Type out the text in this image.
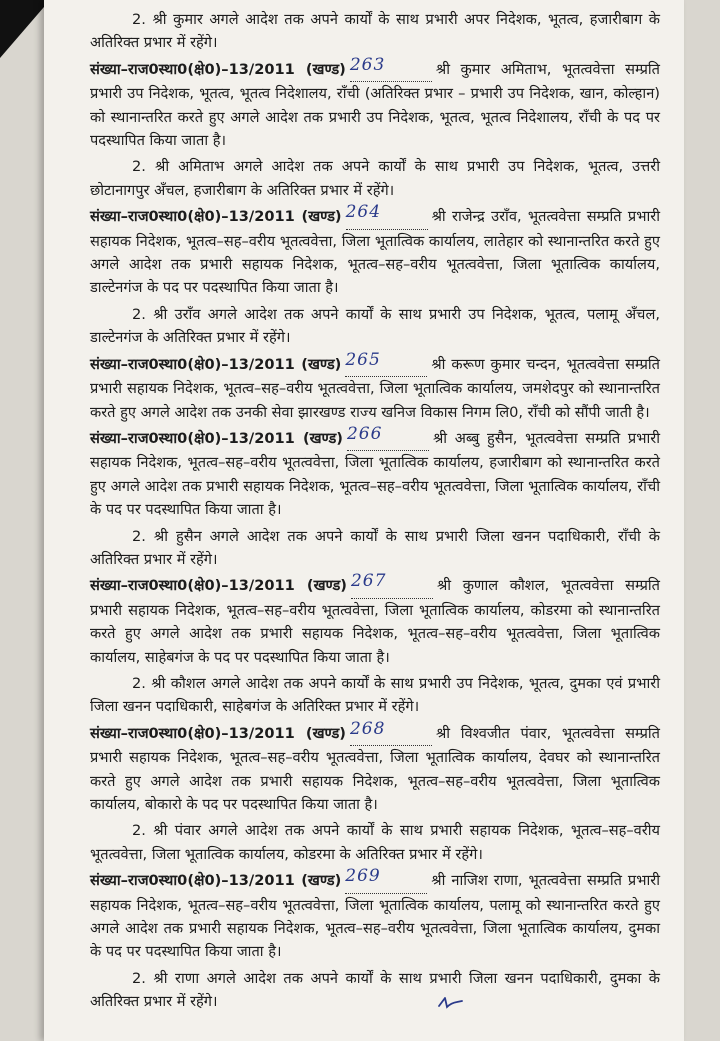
2. श्री कुमार अगले आदेश तक अपने कार्यों के साथ प्रभारी अपर निदेशक, भूतत्व, हजारीबाग के अतिरिक्त प्रभार में रहेंगे।

संख्या–राज0स्था0(क्षे0)–13/2011 (खण्ड) 263	श्री कुमार अमिताभ, भूतत्ववेत्ता सम्प्रति प्रभारी उप निदेशक, भूतत्व, भूतत्व निदेशालय, राँची (अतिरिक्त प्रभार – प्रभारी उप निदेशक, खान, कोल्हान) को स्थानान्तरित करते हुए अगले आदेश तक प्रभारी उप निदेशक, भूतत्व, भूतत्व निदेशालय, राँची के पद पर पदस्थापित किया जाता है।

2. श्री अमिताभ अगले आदेश तक अपने कार्यों के साथ प्रभारी उप निदेशक, भूतत्व, उत्तरी छोटानागपुर अँचल, हजारीबाग के अतिरिक्त प्रभार में रहेंगे।

संख्या–राज0स्था0(क्षे0)–13/2011 (खण्ड) 264	श्री राजेन्द्र उराँव, भूतत्ववेत्ता सम्प्रति प्रभारी सहायक निदेशक, भूतत्व–सह–वरीय भूतत्ववेत्ता, जिला भूतात्विक कार्यालय, लातेहार को स्थानान्तरित करते हुए अगले आदेश तक प्रभारी सहायक निदेशक, भूतत्व–सह–वरीय भूतत्ववेत्ता, जिला भूतात्विक कार्यालय, डाल्टेनगंज के पद पर पदस्थापित किया जाता है।

2. श्री उराँव अगले आदेश तक अपने कार्यों के साथ प्रभारी उप निदेशक, भूतत्व, पलामू अँचल, डाल्टेनगंज के अतिरिक्त प्रभार में रहेंगे।

संख्या–राज0स्था0(क्षे0)–13/2011 (खण्ड) 265	श्री करूण कुमार चन्दन, भूतत्ववेत्ता सम्प्रति प्रभारी सहायक निदेशक, भूतत्व–सह–वरीय भूतत्ववेत्ता, जिला भूतात्विक कार्यालय, जमशेदपुर को स्थानान्तरित करते हुए अगले आदेश तक उनकी सेवा झारखण्ड राज्य खनिज विकास निगम लि0, राँची को सौंपी जाती है।

संख्या–राज0स्था0(क्षे0)–13/2011 (खण्ड) 266	श्री अब्बु हुसैन, भूतत्ववेत्ता सम्प्रति प्रभारी सहायक निदेशक, भूतत्व–सह–वरीय भूतत्ववेत्ता, जिला भूतात्विक कार्यालय, हजारीबाग को स्थानान्तरित करते हुए अगले आदेश तक प्रभारी सहायक निदेशक, भूतत्व–सह–वरीय भूतत्ववेत्ता, जिला भूतात्विक कार्यालय, राँची के पद पर पदस्थापित किया जाता है।

2. श्री हुसैन अगले आदेश तक अपने कार्यों के साथ प्रभारी जिला खनन पदाधिकारी, राँची के अतिरिक्त प्रभार में रहेंगे।

संख्या–राज0स्था0(क्षे0)–13/2011 (खण्ड) 267	श्री कुणाल कौशल, भूतत्ववेत्ता सम्प्रति प्रभारी सहायक निदेशक, भूतत्व–सह–वरीय भूतत्ववेत्ता, जिला भूतात्विक कार्यालय, कोडरमा को स्थानान्तरित करते हुए अगले आदेश तक प्रभारी सहायक निदेशक, भूतत्व–सह–वरीय भूतत्ववेत्ता, जिला भूतात्विक कार्यालय, साहेबगंज के पद पर पदस्थापित किया जाता है।

2. श्री कौशल अगले आदेश तक अपने कार्यों के साथ प्रभारी उप निदेशक, भूतत्व, दुमका एवं प्रभारी जिला खनन पदाधिकारी, साहेबगंज के अतिरिक्त प्रभार में रहेंगे।

संख्या–राज0स्था0(क्षे0)–13/2011 (खण्ड) 268	श्री विश्वजीत पंवार, भूतत्ववेत्ता सम्प्रति प्रभारी सहायक निदेशक, भूतत्व–सह–वरीय भूतत्ववेत्ता, जिला भूतात्विक कार्यालय, देवघर को स्थानान्तरित करते हुए अगले आदेश तक प्रभारी सहायक निदेशक, भूतत्व–सह–वरीय भूतत्ववेत्ता, जिला भूतात्विक कार्यालय, बोकारो के पद पर पदस्थापित किया जाता है।

2. श्री पंवार अगले आदेश तक अपने कार्यों के साथ प्रभारी सहायक निदेशक, भूतत्व–सह–वरीय भूतत्ववेत्ता, जिला भूतात्विक कार्यालय, कोडरमा के अतिरिक्त प्रभार में रहेंगे।

संख्या–राज0स्था0(क्षे0)–13/2011 (खण्ड) 269	श्री नाजिश राणा, भूतत्ववेत्ता सम्प्रति प्रभारी सहायक निदेशक, भूतत्व–सह–वरीय भूतत्ववेत्ता, जिला भूतात्विक कार्यालय, पलामू को स्थानान्तरित करते हुए अगले आदेश तक प्रभारी सहायक निदेशक, भूतत्व–सह–वरीय भूतत्ववेत्ता, जिला भूतात्विक कार्यालय, दुमका के पद पर पदस्थापित किया जाता है।

2. श्री राणा अगले आदेश तक अपने कार्यों के साथ प्रभारी जिला खनन पदाधिकारी, दुमका के अतिरिक्त प्रभार में रहेंगे।
